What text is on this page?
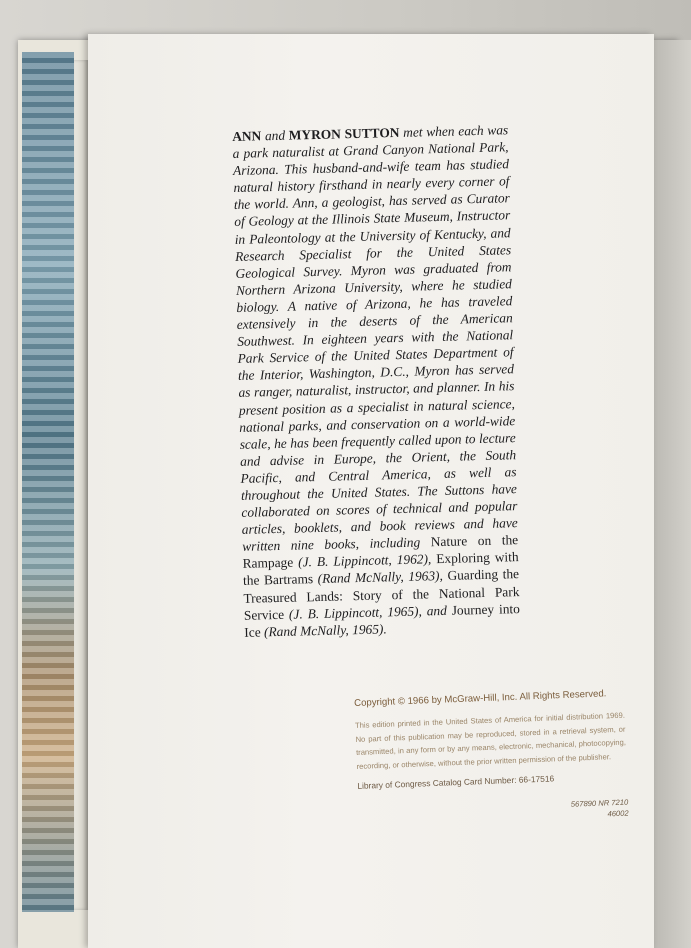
ANN and MYRON SUTTON met when each was a park naturalist at Grand Canyon National Park, Arizona. This husband-and-wife team has studied natural history firsthand in nearly every corner of the world. Ann, a geologist, has served as Curator of Geology at the Illinois State Museum, Instructor in Paleontology at the University of Kentucky, and Research Specialist for the United States Geological Survey. Myron was graduated from Northern Arizona University, where he studied biology. A native of Arizona, he has traveled extensively in the deserts of the American Southwest. In eighteen years with the National Park Service of the United States Department of the Interior, Washington, D.C., Myron has served as ranger, naturalist, instructor, and planner. In his present position as a specialist in natural science, national parks, and conservation on a world-wide scale, he has been frequently called upon to lecture and advise in Europe, the Orient, the South Pacific, and Central America, as well as throughout the United States. The Suttons have collaborated on scores of technical and popular articles, booklets, and book reviews and have written nine books, including Nature on the Rampage (J. B. Lippincott, 1962), Exploring with the Bartrams (Rand McNally, 1963), Guarding the Treasured Lands: Story of the National Park Service (J. B. Lippincott, 1965), and Journey into Ice (Rand McNally, 1965).
Copyright © 1966 by McGraw-Hill, Inc. All Rights Reserved.
This edition printed in the United States of America for initial distribution 1969. No part of this publication may be reproduced, stored in a retrieval system, or transmitted, in any form or by any means, electronic, mechanical, photocopying, recording, or otherwise, without the prior written permission of the publisher.
Library of Congress Catalog Card Number: 66-17516
567890 NR 7210
46002
